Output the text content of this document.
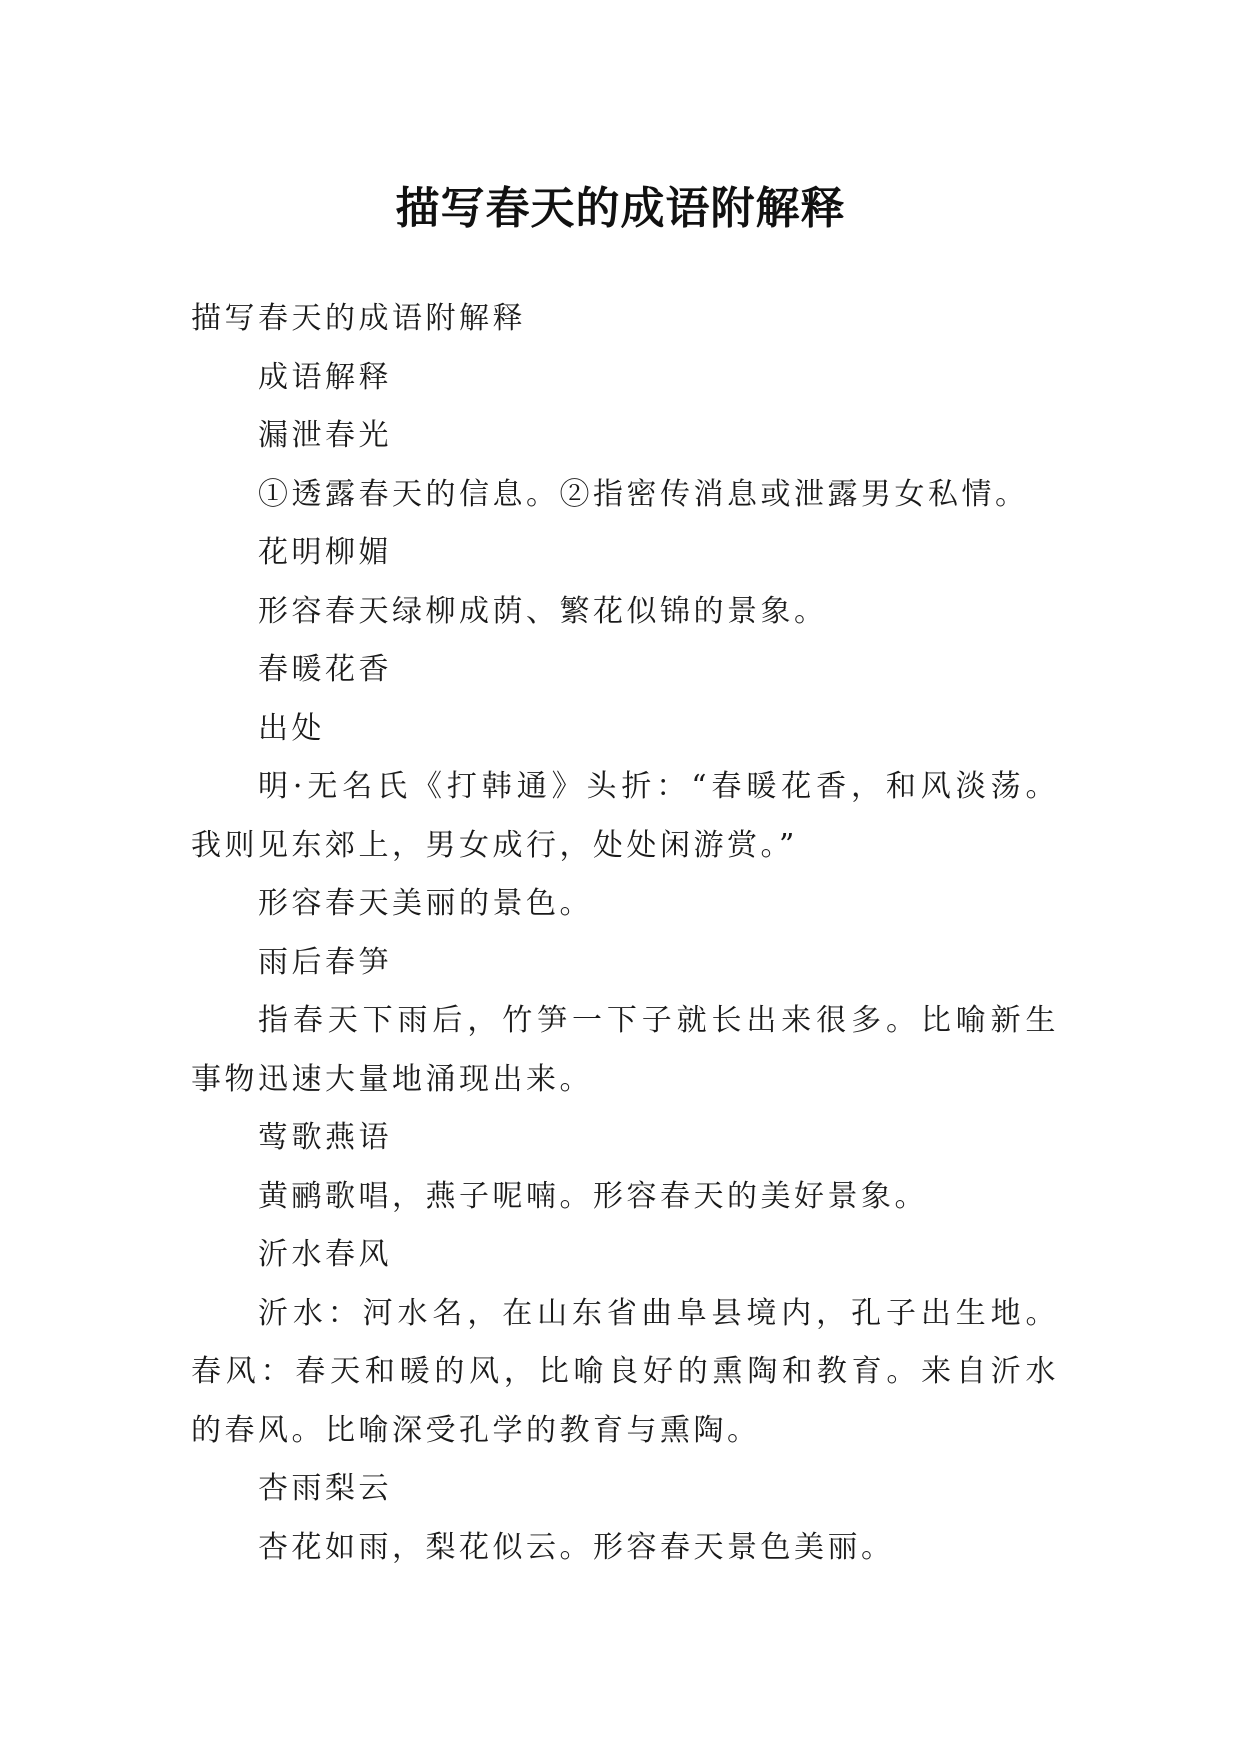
描写春天的成语附解释

描写春天的成语附解释

成语解释

漏泄春光

①透露春天的信息。②指密传消息或泄露男女私情。

花明柳媚

形容春天绿柳成荫、繁花似锦的景象。

春暖花香

出处

明·无名氏《打韩通》头折：“春暖花香，和风淡荡。我则见东郊上，男女成行，处处闲游赏。”

形容春天美丽的景色。

雨后春笋

指春天下雨后，竹笋一下子就长出来很多。比喻新生事物迅速大量地涌现出来。

莺歌燕语

黄鹂歌唱，燕子呢喃。形容春天的美好景象。

沂水春风

沂水：河水名，在山东省曲阜县境内，孔子出生地。春风：春天和暖的风，比喻良好的熏陶和教育。来自沂水的春风。比喻深受孔学的教育与熏陶。

杏雨梨云

杏花如雨，梨花似云。形容春天景色美丽。
